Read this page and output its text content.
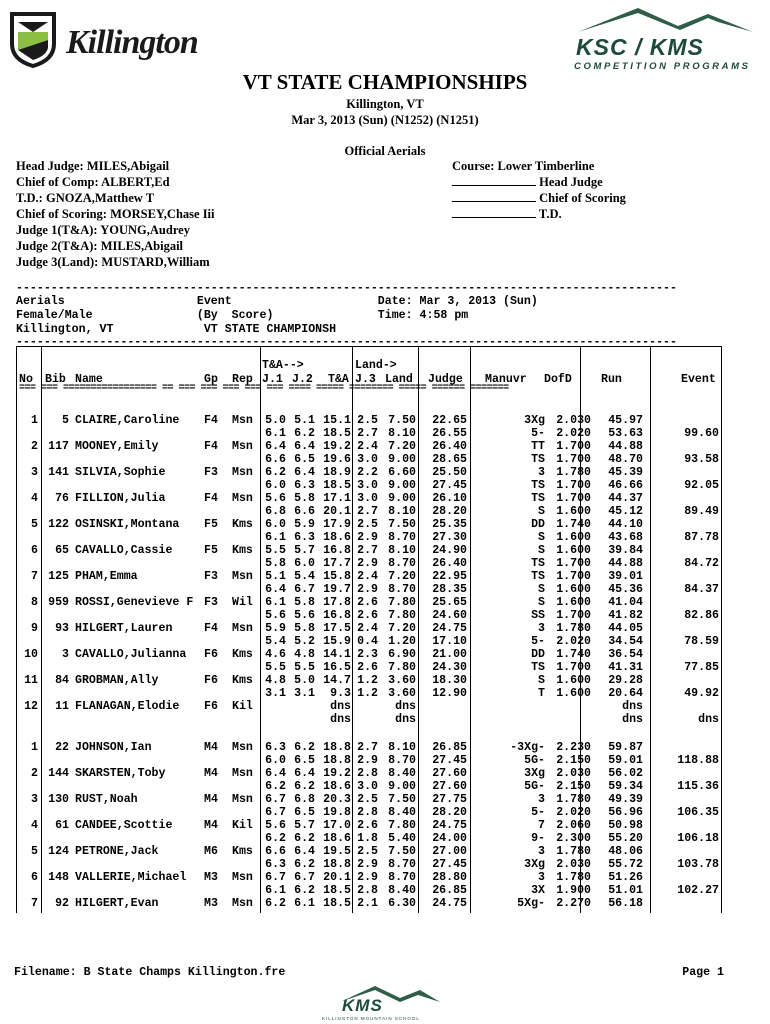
Killington	KSC / KMS
COMPETITION PROGRAMS
VT STATE CHAMPIONSHIPS
Killington, VT
Mar 3, 2013 (Sun) (N1252) (N1251)
Official Aerials
Head Judge: MILES,Abigail
Chief of Comp: ALBERT,Ed
T.D.: GNOZA,Matthew T
Chief of Scoring: MORSEY,Chase Iii
Judge 1(T&A): YOUNG,Audrey
Judge 2(T&A): MILES,Abigail
Judge 3(Land): MUSTARD,William
Course: Lower Timberline
Head Judge
Chief of Scoring
T.D.
-----------------------------------------------------------------------------------------------
Aerials                   Event                     Date: Mar 3, 2013 (Sun)
Female/Male               (By  Score)               Time: 4:58 pm
Killington, VT             VT STATE CHAMPIONSH
-----------------------------------------------------------------------------------------------
T&A-->	Land->
No Bib Name	Gp Rep J.1 J.2 T&A J.3 Land Judge Manuvr DofD	Run	Event
=== === ================= == === === === === === ==== ===== ======== ===== ====== =======
1 5 CLAIRE,Caroline F4 Msn 5.0 5.1 15.1 2.5 7.50 22.65	3Xg 2.030 45.97
6.1 6.2 18.5 2.7 8.10 26.55	5- 2.020 53.63	99.60
2 117 MOONEY,Emily	F4 Msn 6.4 6.4 19.2 2.4 7.20 26.40	TT 1.700 44.88
6.6 6.5 19.6 3.0 9.00 28.65	TS 1.700 48.70	93.58
3 141 SILVIA,Sophie	F3 Msn 6.2 6.4 18.9 2.2 6.60 25.50	3 1.780 45.39
6.0 6.3 18.5 3.0 9.00 27.45	TS 1.700 46.66	92.05
4 76 FILLION,Julia	F4 Msn 5.6 5.8 17.1 3.0 9.00 26.10	TS 1.700 44.37
6.8 6.6 20.1 2.7 8.10 28.20	S 1.600 45.12	89.49
5 122 OSINSKI,Montana F5 Kms 6.0 5.9 17.9 2.5 7.50 25.35	DD 1.740 44.10
6.1 6.3 18.6 2.9 8.70 27.30	S 1.600 43.68	87.78
6 65 CAVALLO,Cassie	F5 Kms 5.5 5.7 16.8 2.7 8.10 24.90	S 1.600 39.84
5.8 6.0 17.7 2.9 8.70 26.40	TS 1.700 44.88	84.72
7 125 PHAM,Emma	F3 Msn 5.1 5.4 15.8 2.4 7.20 22.95	TS 1.700 39.01
6.4 6.7 19.7 2.9 8.70 28.35	S 1.600 45.36	84.37
8 959 ROSSI,Genevieve F F3 Wil 6.1 5.8 17.8 2.6 7.80 25.65	S 1.600 41.04
5.6 5.6 16.8 2.6 7.80 24.60	SS 1.700 41.82	82.86
9 93 HILGERT,Lauren	F4 Msn 5.9 5.8 17.5 2.4 7.20 24.75	3 1.780 44.05
5.4 5.2 15.9 0.4 1.20 17.10	5- 2.020 34.54	78.59
10 3 CAVALLO,Julianna F6 Kms 4.6 4.8 14.1 2.3 6.90 21.00	DD 1.740 36.54
5.5 5.5 16.5 2.6 7.80 24.30	TS 1.700 41.31	77.85
11 84 GROBMAN,Ally	F6 Kms 4.8 5.0 14.7 1.2 3.60 18.30	S 1.600 29.28
3.1 3.1 9.3 1.2 3.60 12.90	T 1.600 20.64	49.92
12 11 FLANAGAN,Elodie F6 Kil	dns	dns	dns
dns	dns	dns	dns
1 22 JOHNSON,Ian	M4 Msn 6.3 6.2 18.8 2.7 8.10 26.85	-3Xg- 2.230 59.87
6.0 6.5 18.8 2.9 8.70 27.45	5G- 2.150 59.01	118.88
2 144 SKARSTEN,Toby	M4 Msn 6.4 6.4 19.2 2.8 8.40 27.60	3Xg 2.030 56.02
6.2 6.2 18.6 3.0 9.00 27.60	5G- 2.150 59.34	115.36
3 130 RUST,Noah	M4 Msn 6.7 6.8 20.3 2.5 7.50 27.75	3 1.780 49.39
6.7 6.5 19.8 2.8 8.40 28.20	5- 2.020 56.96	106.35
4 61 CANDEE,Scottie	M4 Kil 5.6 5.7 17.0 2.6 7.80 24.75	7 2.060 50.98
6.2 6.2 18.6 1.8 5.40 24.00	9- 2.300 55.20	106.18
5 124 PETRONE,Jack	M6 Kms 6.6 6.4 19.5 2.5 7.50 27.00	3 1.780 48.06
6.3 6.2 18.8 2.9 8.70 27.45	3Xg 2.030 55.72	103.78
6 148 VALLERIE,Michael M3 Msn 6.7 6.7 20.1 2.9 8.70 28.80	3 1.780 51.26
6.1 6.2 18.5 2.8 8.40 26.85	3X 1.900 51.01	102.27
7 92 HILGERT,Evan	M3 Msn 6.2 6.1 18.5 2.1 6.30 24.75	5Xg- 2.270 56.18
Filename: B State Champs Killington.fre	Page 1
KMS
KILLINGTON MOUNTAIN SCHOOL
